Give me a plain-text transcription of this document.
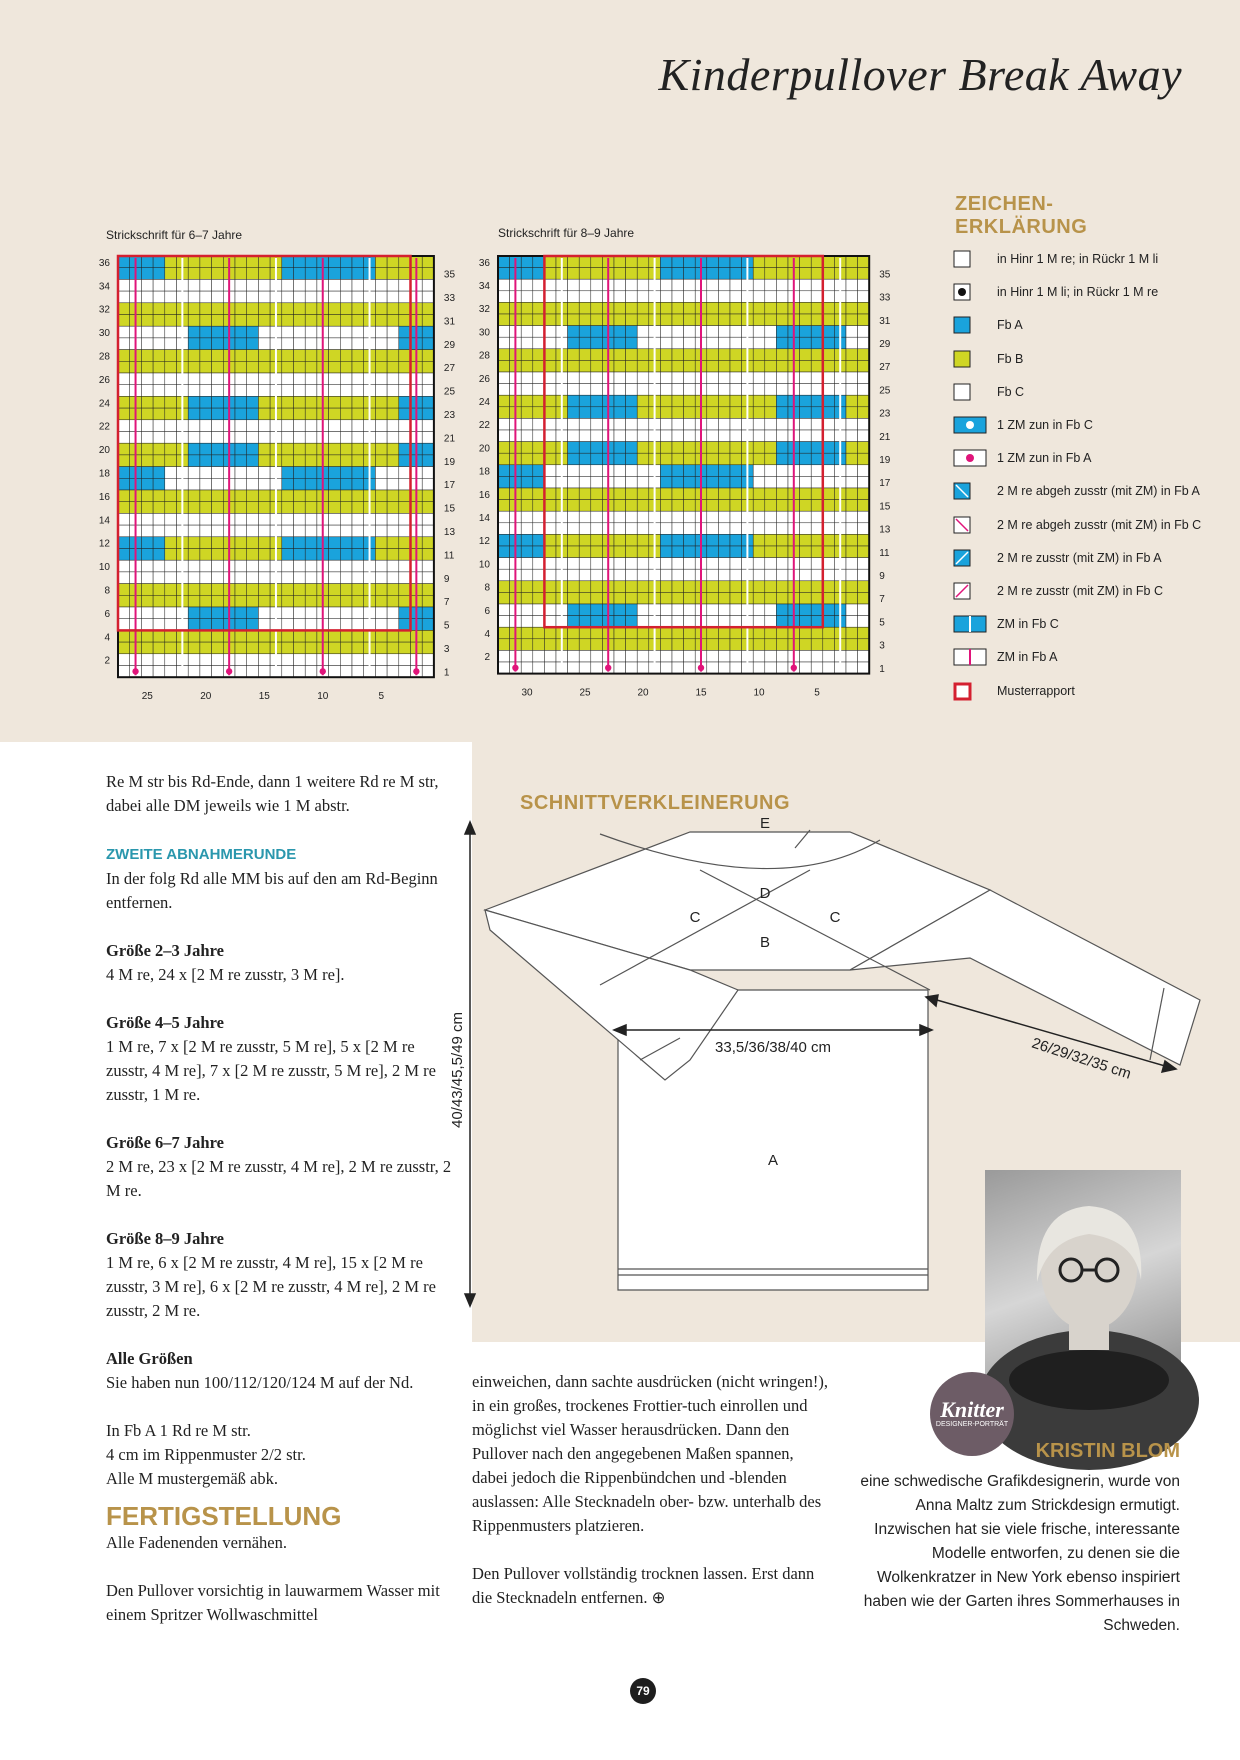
Kinderpullover Break Away
Strickschrift für 6–7 Jahre
36
34
32
30
28
26
24
22
20
18
16
14
12
10
8
6
4
2
35
33
31
29
27
25
23
21
19
17
15
13
11
9
7
5
3
1
25	20	15	10	5
Strickschrift für 8–9 Jahre
36
34
32
30
28
26
24
22
20
18
16
14
12
10
8
6
4
2
35
33
31
29
27
25
23
21
19
17
15
13
11
9
7
5
3
1
30	25	20	15	10	5
ZEICHEN-
ERKLÄRUNG
in Hinr 1 M re; in Rückr 1 M li
in Hinr 1 M li; in Rückr 1 M re
Fb A
Fb B
Fb C
1 ZM zun in Fb C
1 ZM zun in Fb A
2 M re abgeh zusstr (mit ZM) in Fb A
2 M re abgeh zusstr (mit ZM) in Fb C
2 M re zusstr (mit ZM) in Fb A
2 M re zusstr (mit ZM) in Fb C
ZM in Fb C
ZM in Fb A
Musterrapport

Re M str bis Rd-Ende, dann 1 weitere Rd re M str, dabei alle DM jeweils wie 1 M abstr.

ZWEITE ABNAHMERUNDE
In der folg Rd alle MM bis auf den am Rd-Beginn entfernen.

Größe 2–3 Jahre
4 M re, 24 x [2 M re zusstr, 3 M re].

Größe 4–5 Jahre
1 M re, 7 x [2 M re zusstr, 5 M re], 5 x [2 M re zusstr, 4 M re], 7 x [2 M re zusstr, 5 M re], 2 M re zusstr, 1 M re.

Größe 6–7 Jahre
2 M re, 23 x [2 M re zusstr, 4 M re], 2 M re zusstr, 2 M re.

Größe 8–9 Jahre
1 M re, 6 x [2 M re zusstr, 4 M re], 15 x [2 M re zusstr, 3 M re], 6 x [2 M re zusstr, 4 M re], 2 M re zusstr, 2 M re.

Alle Größen
Sie haben nun 100/112/120/124 M auf der Nd.

In Fb A 1 Rd re M str.
4 cm im Rippenmuster 2/2 str.
Alle M mustergemäß abk.

FERTIGSTELLUNG

Alle Fadenenden vernähen.

Den Pullover vorsichtig in lauwarmem Wasser mit einem Spritzer Wollwaschmittel

SCHNITTVERKLEINERUNG
E
D
B
C	C
A
33,5/36/38/40 cm
40/43/45,5/49 cm	26/29/32/35 cm

einweichen, dann sachte ausdrücken (nicht wringen!), in ein großes, trockenes Frottier-tuch einrollen und möglichst viel Wasser herausdrücken. Dann den Pullover nach den angegebenen Maßen spannen, dabei jedoch die Rippenbündchen und -blenden auslassen: Alle Stecknadeln ober- bzw. unterhalb des Rippenmusters platzieren.

Den Pullover vollständig trocknen lassen. Erst dann die Stecknadeln entfernen. ⊕

Knitter
DESIGNER-PORTRÄT
KRISTIN BLOM
eine schwedische Grafikdesignerin, wurde von Anna Maltz zum Strickdesign ermutigt. Inzwischen hat sie viele frische, interessante Modelle entworfen, zu denen sie die Wolkenkratzer in New York ebenso inspiriert haben wie der Garten ihres Sommerhauses in Schweden.
79
